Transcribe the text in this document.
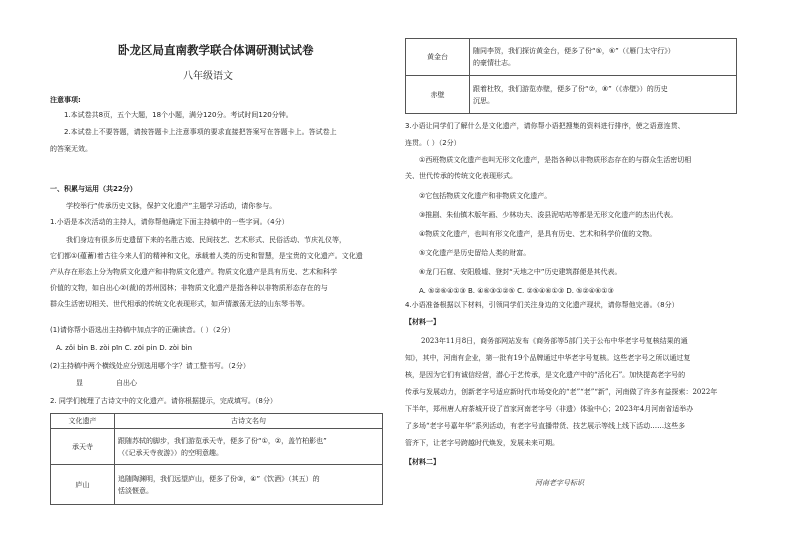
卧龙区局直南教学联合体调研测试试卷
八年级语文
注意事项:
1.本试卷共8页，五个大题，18个小题，满分120分。考试时间120分钟。
2.本试卷上不要答题，请按答题卡上注意事项的要求直接把答案写在答题卡上。答试卷上
的答案无效。
一、积累与运用（共22分）
学校举行“传承历史文脉，保护文化遗产”主题学习活动，请你参与。
1.小语是本次活动的主持人，请你帮他确定下面主持稿中的一些字词。（4分）
我们身边有很多历史遗留下来的名胜古迹、民间技艺、艺术形式、民俗活动、节庆礼仪等，
它们都①(蕴蓄)着古往今来人们的精神和文化，承载着人类的历史和智慧，是宝贵的文化遗产。文化遗
产从存在形态上分为物质文化遗产和非物质文化遗产。物质文化遗产是具有历史、艺术和科学
价值的文物，如自出心②(裁)的苏州园林；非物质文化遗产是指各种以非物质形态存在的与
群众生活密切相关、世代相承的传统文化表现形式，如声情激荡无法的山东琴书等。
(1)请你帮小语选出主持稿中加点字的正确读音。（ ）（2分）
A. zǒi bìn B. zòi pīn C. zōi pin D. zòi bìn
(2)主持稿中两个横线处应分别选用哪个字？请工整书写。（2分）
显	自出心
2. 同学们梳理了古诗文中的文化遗产。请你根据提示，完成填写。（8分）
文化遗产	古诗文名句
承天寺	跟随苏轼的脚步，我们游览承天寺，便多了份“①，②，盖竹柏影也”
（《记承天寺夜游》）的空明意趣。

庐山	追随陶渊明，我们远望庐山，便多了份③，④”《饮酒》（其五）的
恬淡惬意。
黄金台	随同李贺，我们探访黄金台，便多了份“⑤，⑥”（《雁门太守行》）
的豪情壮志。

赤壁	跟着杜牧，我们游览赤壁，便多了份“⑦，⑧”（《赤壁》）的历史
沉思。
3.小语让同学们了解什么是文化遗产，请你帮小语把搜集的资料进行排序，使之语意连贯、
连贯。（ ）（2分）
①西班物质文化遗产也叫无形文化遗产，是指各种以非物质形态存在的与群众生活密切相
关、世代传承的传统文化表现形式。
②它包括物质文化遗产和非物质文化遗产。
③推剧、朱仙镇木版年画、少林功夫、浚县泥咕咕等都是无形文化遗产的杰出代表。
④物质文化遗产，也叫有形文化遗产，是具有历史、艺术和科学价值的文物。
⑤文化遗产是历史留给人类的财富。
⑥龙门石窟、安阳殷墟、登封“天地之中”历史建筑群便是其代表。
A. ⑤②⑥④①③ B. ④⑥③①②⑤ C. ②⑤④⑥①③ D. ⑤②④⑥①③
4.小语准备根据以下材料，引领同学们关注身边的文化遗产现状，请你帮他完善。（8分）
【材料一】
2023年11月8日，商务部网站发布《商务部等5部门关于公布中华老字号复核结果的通
知》，其中，河南有企业，第一批有19个品牌通过中华老字号复核。这些老字号之所以通过复
核，是因为它们有诚信经营，潜心于艺传承，是文化遗产中的“活化石”。加快提高老字号的
传承与发展动力，创新老字号适应新时代市场变化的“老”“老”“新”，河南做了许多有益探索：2022年
下半年，郑州唐人府茶城开设了首家河南老字号（非遗）体验中心；2023年4月河南省适举办
了多场“老字号嘉年华”系列活动，有老字号直播带货、技艺展示等线上线下活动……这些多
管齐下，让老字号跨越时代焕发，发展未来可期。
【材料二】
河南老字号标识
